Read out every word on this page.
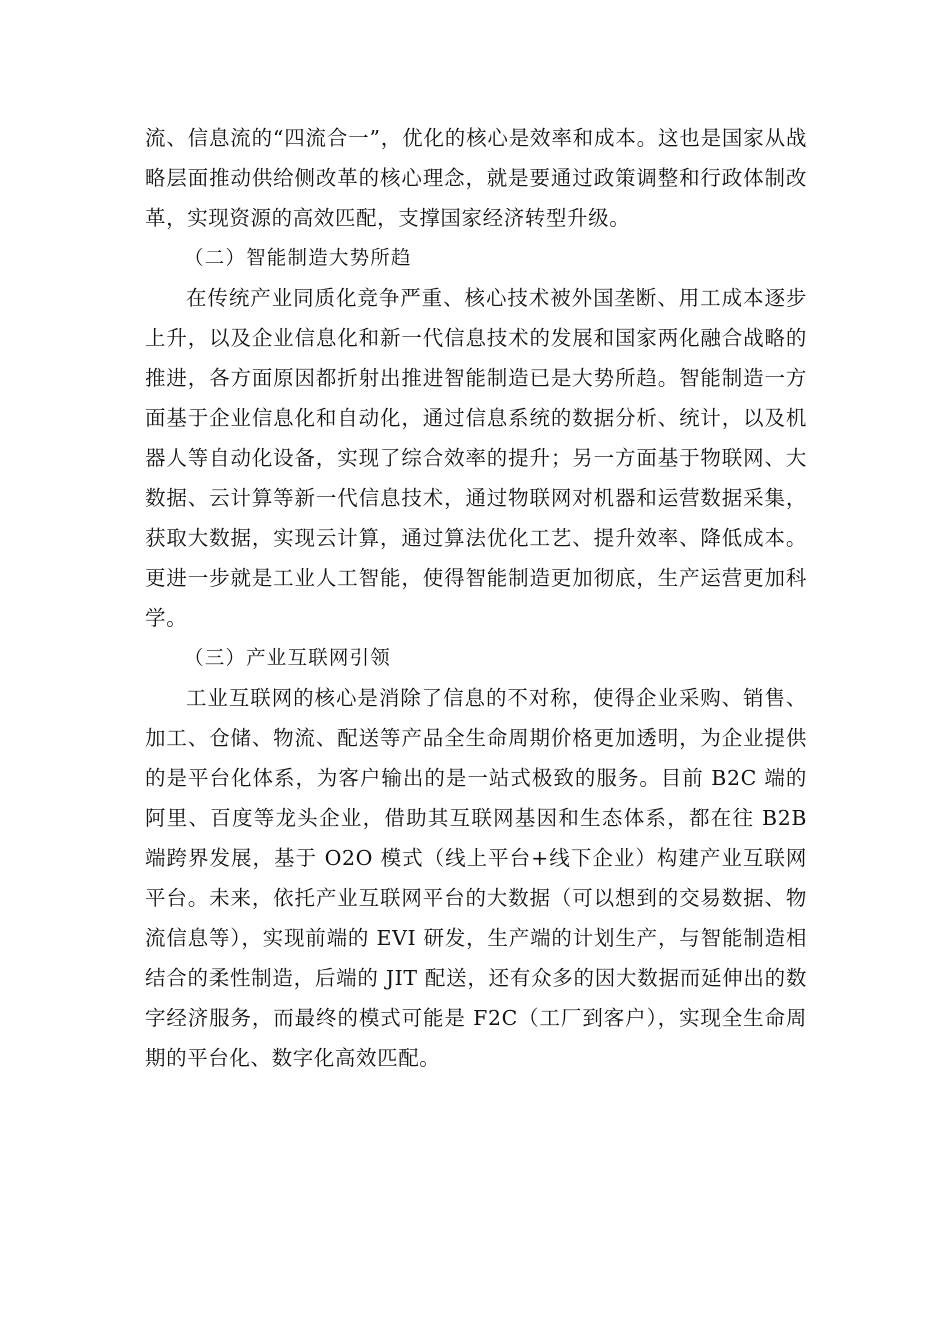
流、信息流的“四流合一”，优化的核心是效率和成本。这也是国家从战略层面推动供给侧改革的核心理念，就是要通过政策调整和行政体制改革，实现资源的高效匹配，支撑国家经济转型升级。

（二）智能制造大势所趋

在传统产业同质化竞争严重、核心技术被外国垄断、用工成本逐步上升，以及企业信息化和新一代信息技术的发展和国家两化融合战略的推进，各方面原因都折射出推进智能制造已是大势所趋。智能制造一方面基于企业信息化和自动化，通过信息系统的数据分析、统计，以及机器人等自动化设备，实现了综合效率的提升；另一方面基于物联网、大数据、云计算等新一代信息技术，通过物联网对机器和运营数据采集，获取大数据，实现云计算，通过算法优化工艺、提升效率、降低成本。更进一步就是工业人工智能，使得智能制造更加彻底，生产运营更加科学。

（三）产业互联网引领

工业互联网的核心是消除了信息的不对称，使得企业采购、销售、加工、仓储、物流、配送等产品全生命周期价格更加透明，为企业提供的是平台化体系，为客户输出的是一站式极致的服务。目前 B2C 端的阿里、百度等龙头企业，借助其互联网基因和生态体系，都在往 B2B 端跨界发展，基于 O2O 模式（线上平台+线下企业）构建产业互联网平台。未来，依托产业互联网平台的大数据（可以想到的交易数据、物流信息等），实现前端的 EVI 研发，生产端的计划生产，与智能制造相结合的柔性制造，后端的 JIT 配送，还有众多的因大数据而延伸出的数字经济服务，而最终的模式可能是 F2C（工厂到客户），实现全生命周期的平台化、数字化高效匹配。
